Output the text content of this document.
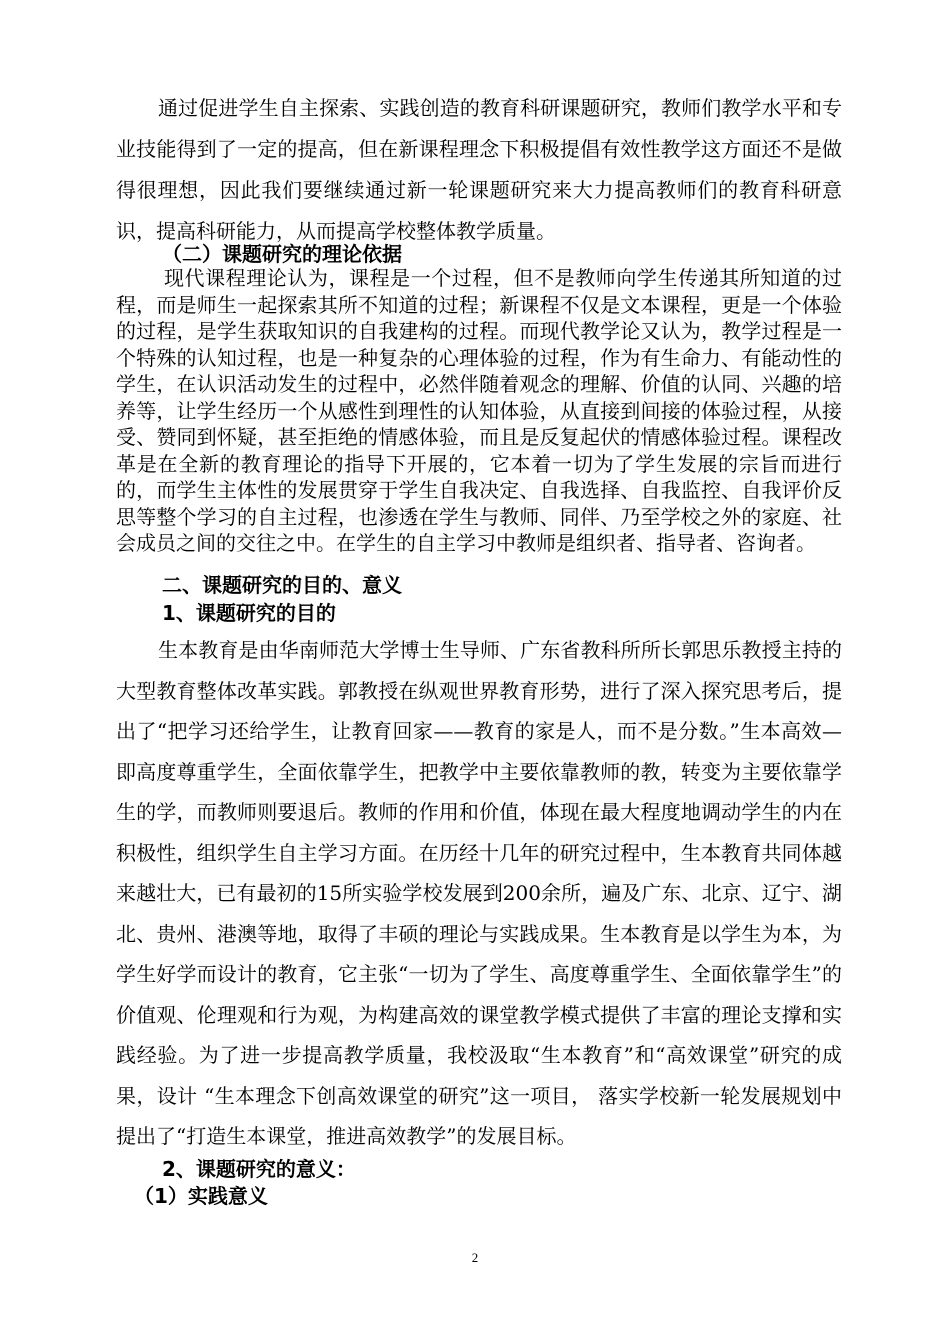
通过促进学生自主探索、实践创造的教育科研课题研究，教师们教学水平和专业技能得到了一定的提高，但在新课程理念下积极提倡有效性教学这方面还不是做得很理想，因此我们要继续通过新一轮课题研究来大力提高教师们的教育科研意识，提高科研能力，从而提高学校整体教学质量。

（二）课题研究的理论依据

现代课程理论认为，课程是一个过程，但不是教师向学生传递其所知道的过程，而是师生一起探索其所不知道的过程；新课程不仅是文本课程，更是一个体验的过程，是学生获取知识的自我建构的过程。而现代教学论又认为，教学过程是一个特殊的认知过程，也是一种复杂的心理体验的过程，作为有生命力、有能动性的学生，在认识活动发生的过程中，必然伴随着观念的理解、价值的认同、兴趣的培养等，让学生经历一个从感性到理性的认知体验，从直接到间接的体验过程，从接受、赞同到怀疑，甚至拒绝的情感体验，而且是反复起伏的情感体验过程。课程改革是在全新的教育理论的指导下开展的，它本着一切为了学生发展的宗旨而进行的，而学生主体性的发展贯穿于学生自我决定、自我选择、自我监控、自我评价反思等整个学习的自主过程，也渗透在学生与教师、同伴、乃至学校之外的家庭、社会成员之间的交往之中。在学生的自主学习中教师是组织者、指导者、咨询者。

二、课题研究的目的、意义
1、课题研究的目的

生本教育是由华南师范大学博士生导师、广东省教科所所长郭思乐教授主持的大型教育整体改革实践。郭教授在纵观世界教育形势，进行了深入探究思考后，提出了“把学习还给学生，让教育回家——教育的家是人，而不是分数。”生本高效—即高度尊重学生，全面依靠学生，把教学中主要依靠教师的教，转变为主要依靠学生的学，而教师则要退后。教师的作用和价值，体现在最大程度地调动学生的内在积极性，组织学生自主学习方面。在历经十几年的研究过程中，生本教育共同体越来越壮大，已有最初的15所实验学校发展到200余所，遍及广东、北京、辽宁、湖北、贵州、港澳等地，取得了丰硕的理论与实践成果。生本教育是以学生为本，为学生好学而设计的教育，它主张“一切为了学生、高度尊重学生、全面依靠学生”的价值观、伦理观和行为观，为构建高效的课堂教学模式提供了丰富的理论支撑和实践经验。为了进一步提高教学质量，我校汲取“生本教育”和“高效课堂”研究的成果，设计 “生本理念下创高效课堂的研究”这一项目， 落实学校新一轮发展规划中提出了“打造生本课堂，推进高效教学”的发展目标。

2、课题研究的意义：
（1）实践意义
2
